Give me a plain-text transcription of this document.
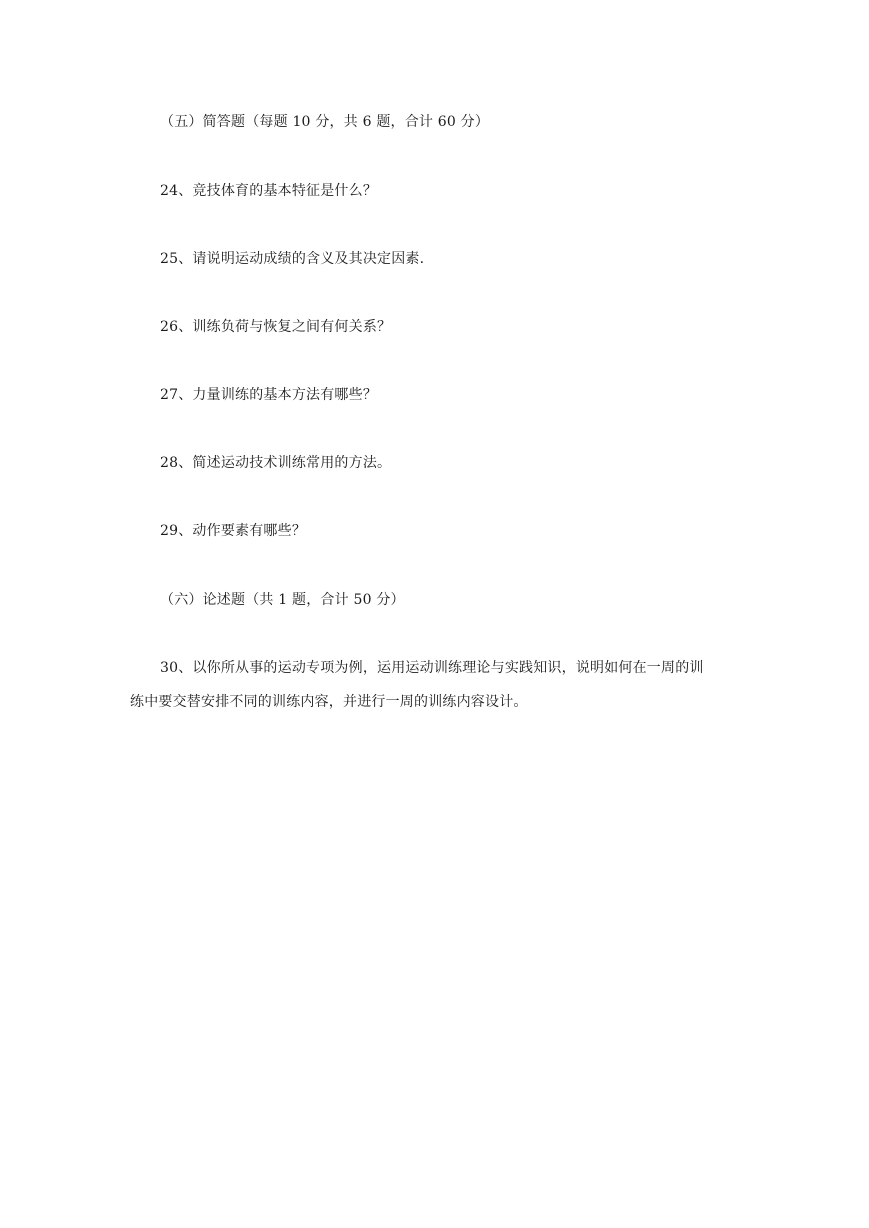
（五）简答题（每题 10 分，共 6 题，合计 60 分）
24、竞技体育的基本特征是什么？
25、请说明运动成绩的含义及其决定因素.
26、训练负荷与恢复之间有何关系？
27、力量训练的基本方法有哪些？
28、简述运动技术训练常用的方法。
29、动作要素有哪些？
（六）论述题（共 1 题，合计 50 分）
30、以你所从事的运动专项为例，运用运动训练理论与实践知识，说明如何在一周的训
练中要交替安排不同的训练内容，并进行一周的训练内容设计。
